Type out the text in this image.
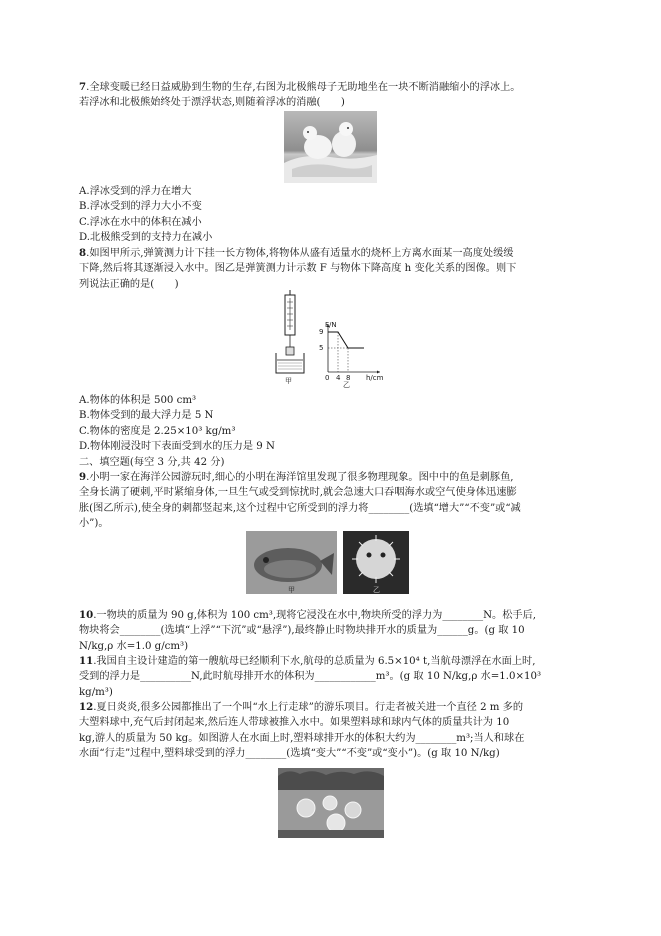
7.全球变暖已经日益威胁到生物的生存,右图为北极熊母子无助地坐在一块不断消融缩小的浮冰上。

若浮冰和北极熊始终处于漂浮状态,则随着浮冰的消融(　　)

A.浮冰受到的浮力在增大

B.浮冰受到的浮力大小不变

C.浮冰在水中的体积在减小

D.北极熊受到的支持力在减小

8.如图甲所示,弹簧测力计下挂一长方物体,将物体从盛有适量水的烧杯上方离水面某一高度处缓缓

下降,然后将其逐渐浸入水中。图乙是弹簧测力计示数 F 与物体下降高度 h 变化关系的图像。则下

列说法正确的是(　　)

F/N
9
5
0 4 8 h/cm
甲	乙

A.物体的体积是 500 cm³

B.物体受到的最大浮力是 5 N

C.物体的密度是 2.25×10³ kg/m³

D.物体刚浸没时下表面受到水的压力是 9 N

二、填空题(每空 3 分,共 42 分)

9.小明一家在海洋公园游玩时,细心的小明在海洋馆里发现了很多物理现象。图中中的鱼是刺豚鱼,

全身长满了硬刺,平时紧缩身体,一旦生气或受到惊扰时,就会急速大口吞咽海水或空气使身体迅速膨

胀(图乙所示),使全身的刺都竖起来,这个过程中它所受到的浮力将________(选填“增大”“不变”或“减

小”)。

甲	乙

10.一物块的质量为 90 g,体积为 100 cm³,现将它浸没在水中,物块所受的浮力为________N。松手后,

物块将会________(选填“上浮”“下沉”或“悬浮”),最终静止时物块排开水的质量为______g。(g 取 10

N/kg,ρ 水=1.0 g/cm³)

11.我国自主设计建造的第一艘航母已经顺利下水,航母的总质量为 6.5×10⁴ t,当航母漂浮在水面上时,

受到的浮力是__________N,此时航母排开水的体积为____________m³。(g 取 10 N/kg,ρ 水=1.0×10³

kg/m³)

12.夏日炎炎,很多公园都推出了一个叫“水上行走球”的游乐项目。行走者被关进一个直径 2 m 多的

大塑料球中,充气后封闭起来,然后连人带球被推入水中。如果塑料球和球内气体的质量共计为 10

kg,游人的质量为 50 kg。如图游人在水面上时,塑料球排开水的体积大约为________m³;当人和球在

水面“行走”过程中,塑料球受到的浮力________(选填“变大”“不变”或“变小”)。(g 取 10 N/kg)
